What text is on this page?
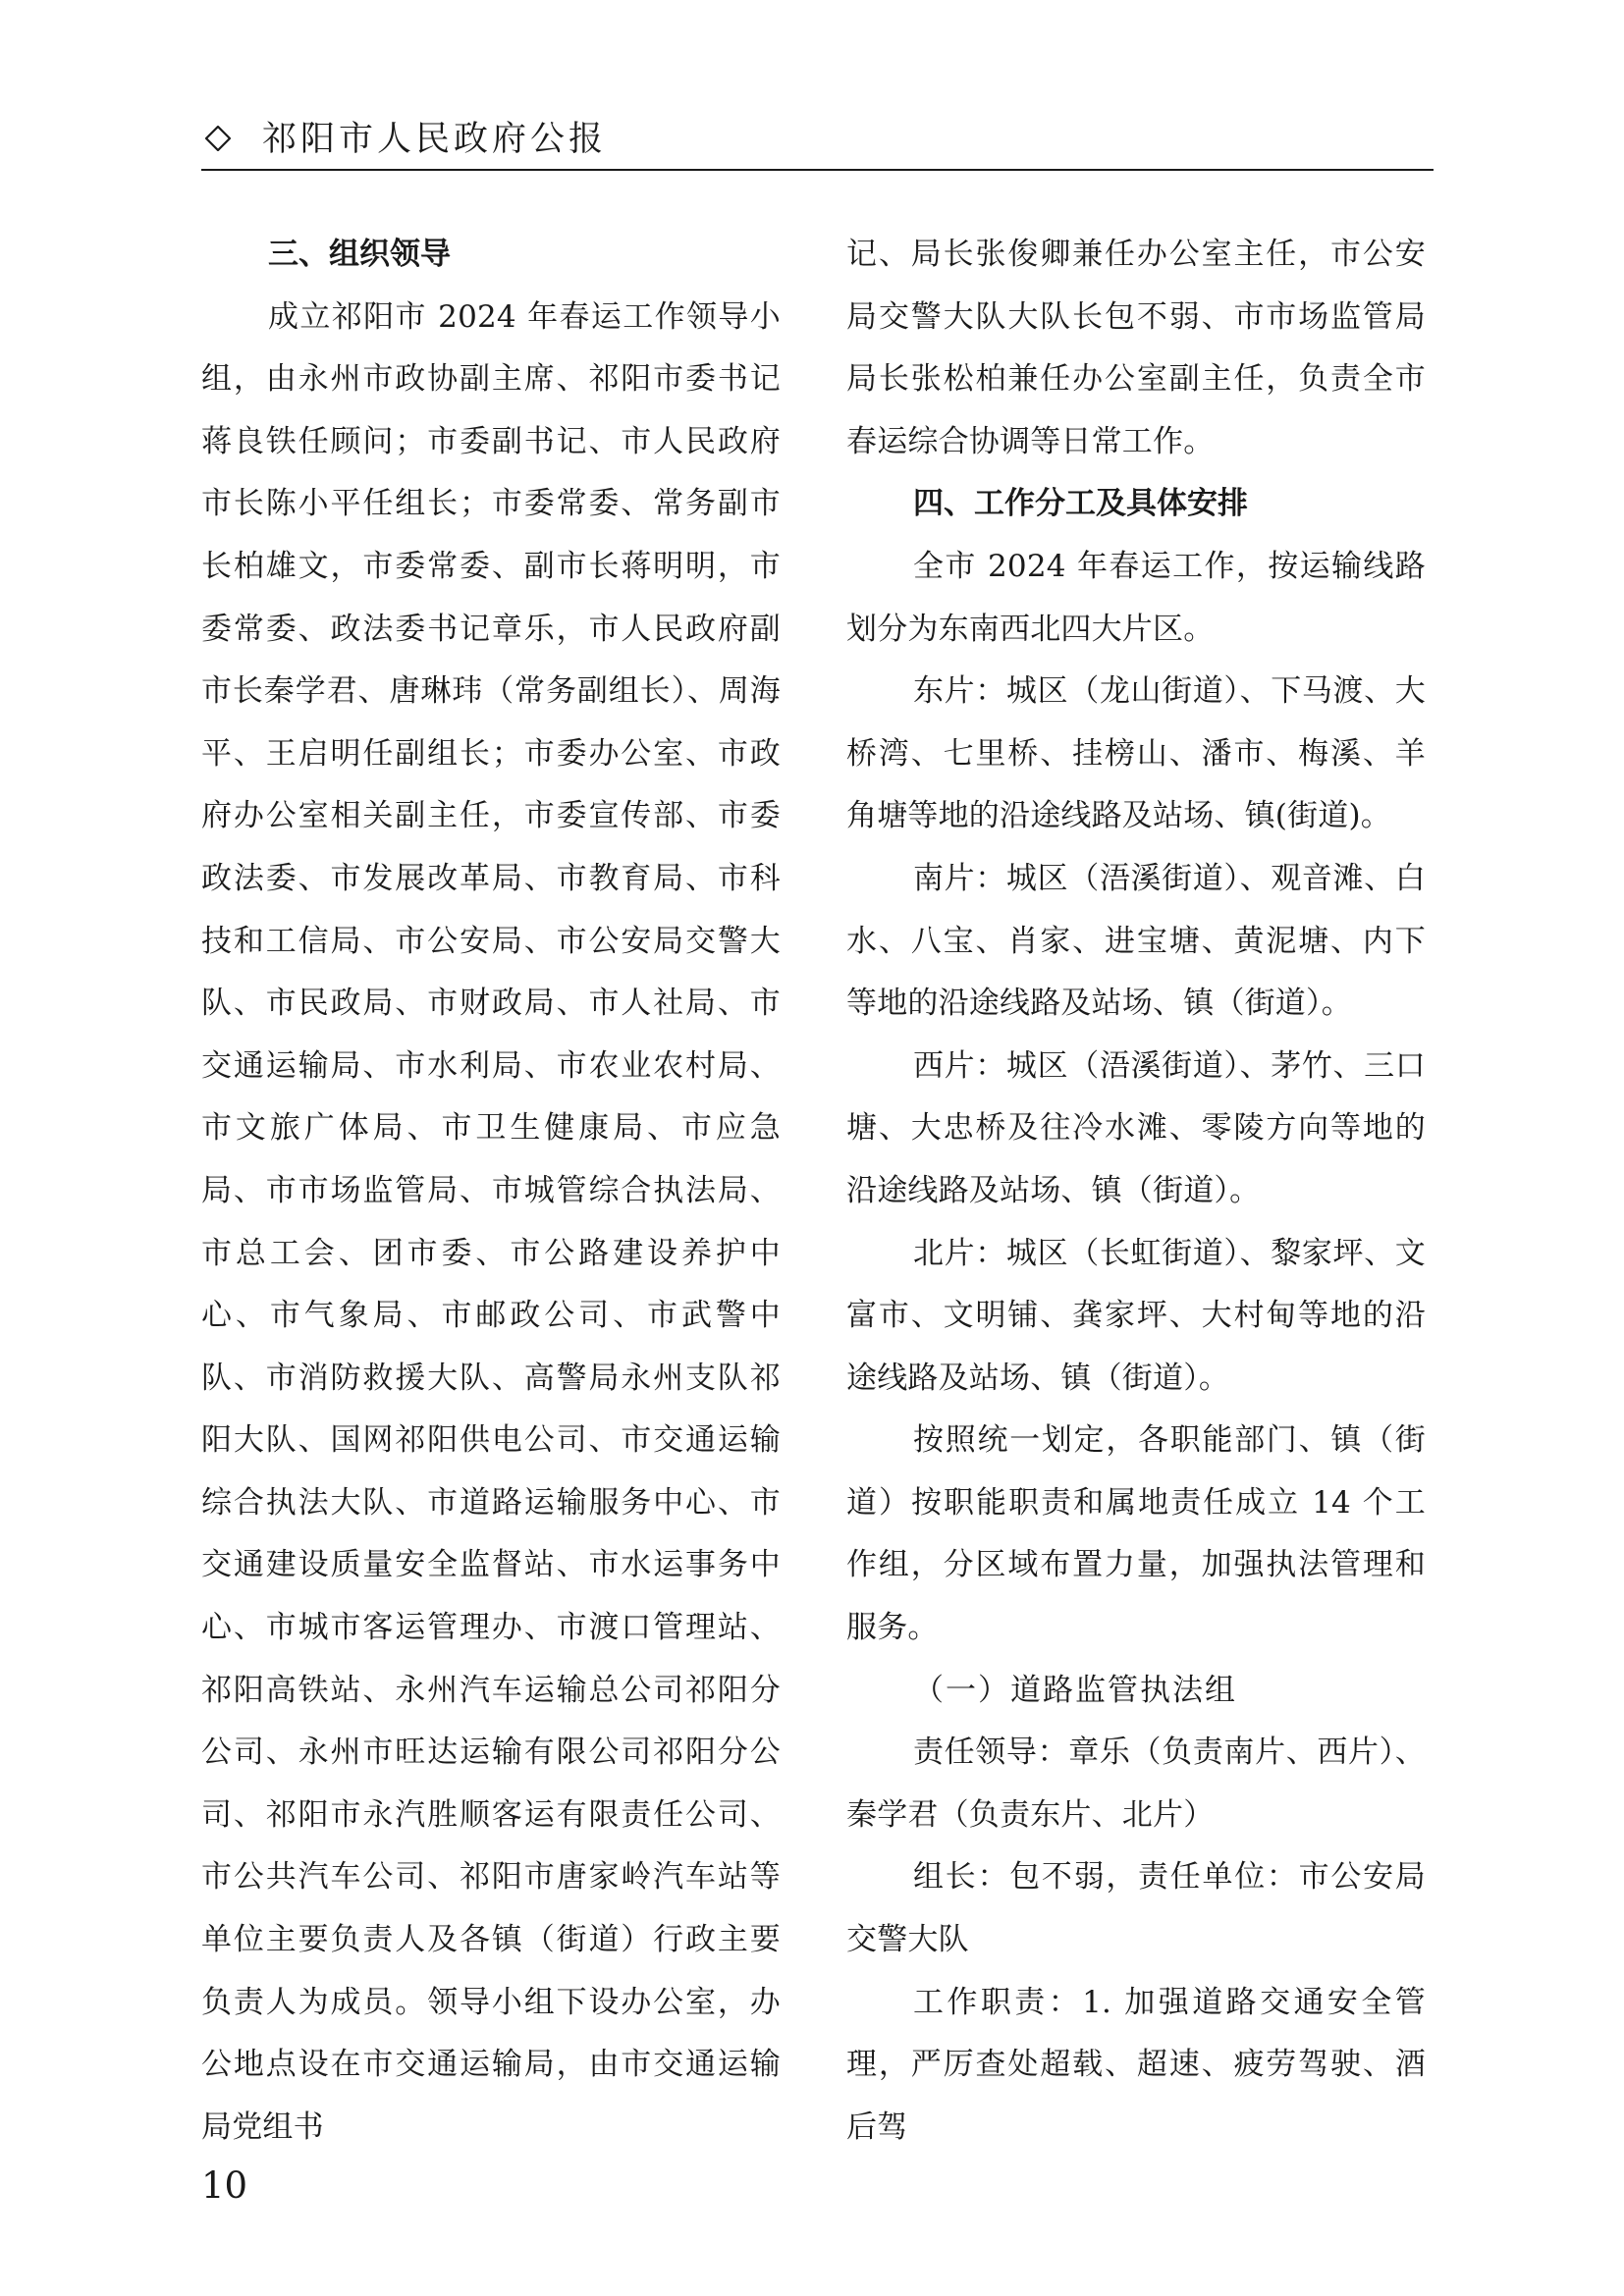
祁阳市人民政府公报

三、组织领导

成立祁阳市 2024 年春运工作领导小组，由永州市政协副主席、祁阳市委书记蒋良铁任顾问；市委副书记、市人民政府市长陈小平任组长；市委常委、常务副市长柏雄文，市委常委、副市长蒋明明，市委常委、政法委书记章乐，市人民政府副市长秦学君、唐琳玮（常务副组长）、周海平、王启明任副组长；市委办公室、市政府办公室相关副主任，市委宣传部、市委政法委、市发展改革局、市教育局、市科技和工信局、市公安局、市公安局交警大队、市民政局、市财政局、市人社局、市交通运输局、市水利局、市农业农村局、市文旅广体局、市卫生健康局、市应急局、市市场监管局、市城管综合执法局、市总工会、团市委、市公路建设养护中心、市气象局、市邮政公司、市武警中队、市消防救援大队、高警局永州支队祁阳大队、国网祁阳供电公司、市交通运输综合执法大队、市道路运输服务中心、市交通建设质量安全监督站、市水运事务中心、市城市客运管理办、市渡口管理站、祁阳高铁站、永州汽车运输总公司祁阳分公司、永州市旺达运输有限公司祁阳分公司、祁阳市永汽胜顺客运有限责任公司、市公共汽车公司、祁阳市唐家岭汽车站等单位主要负责人及各镇（街道）行政主要负责人为成员。领导小组下设办公室，办公地点设在市交通运输局，由市交通运输局党组书

记、局长张俊卿兼任办公室主任，市公安局交警大队大队长包不弱、市市场监管局局长张松柏兼任办公室副主任，负责全市春运综合协调等日常工作。

四、工作分工及具体安排

全市 2024 年春运工作，按运输线路划分为东南西北四大片区。

东片：城区（龙山街道）、下马渡、大桥湾、七里桥、挂榜山、潘市、梅溪、羊角塘等地的沿途线路及站场、镇(街道)。

南片：城区（浯溪街道）、观音滩、白水、八宝、肖家、进宝塘、黄泥塘、内下等地的沿途线路及站场、镇（街道）。

西片：城区（浯溪街道）、茅竹、三口塘、大忠桥及往冷水滩、零陵方向等地的沿途线路及站场、镇（街道）。

北片：城区（长虹街道）、黎家坪、文富市、文明铺、龚家坪、大村甸等地的沿途线路及站场、镇（街道）。

按照统一划定，各职能部门、镇（街道）按职能职责和属地责任成立 14 个工作组，分区域布置力量，加强执法管理和服务。

（一）道路监管执法组

责任领导：章乐（负责南片、西片）、秦学君（负责东片、北片）

组长：包不弱，责任单位：市公安局交警大队

工作职责：1. 加强道路交通安全管理，严厉查处超载、超速、疲劳驾驶、酒后驾

10
